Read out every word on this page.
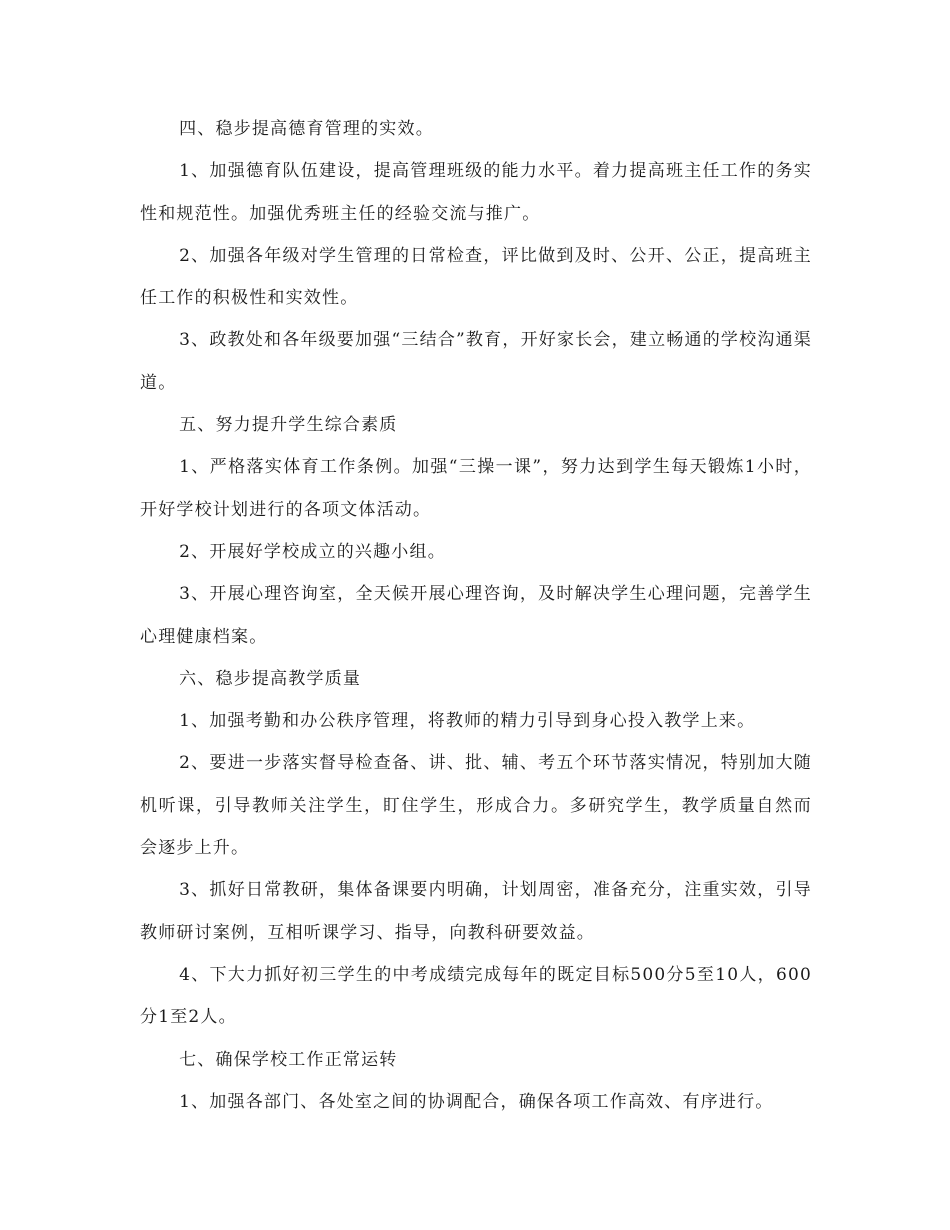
四、稳步提高德育管理的实效。

1、加强德育队伍建设，提高管理班级的能力水平。着力提高班主任工作的务实性和规范性。加强优秀班主任的经验交流与推广。

2、加强各年级对学生管理的日常检查，评比做到及时、公开、公正，提高班主任工作的积极性和实效性。

3、政教处和各年级要加强“三结合”教育，开好家长会，建立畅通的学校沟通渠道。

五、努力提升学生综合素质

1、严格落实体育工作条例。加强“三操一课”，努力达到学生每天锻炼1小时，开好学校计划进行的各项文体活动。

2、开展好学校成立的兴趣小组。

3、开展心理咨询室，全天候开展心理咨询，及时解决学生心理问题，完善学生心理健康档案。

六、稳步提高教学质量

1、加强考勤和办公秩序管理，将教师的精力引导到身心投入教学上来。

2、要进一步落实督导检查备、讲、批、辅、考五个环节落实情况，特别加大随机听课，引导教师关注学生，盯住学生，形成合力。多研究学生，教学质量自然而会逐步上升。

3、抓好日常教研，集体备课要内明确，计划周密，准备充分，注重实效，引导教师研讨案例，互相听课学习、指导，向教科研要效益。

4、下大力抓好初三学生的中考成绩完成每年的既定目标500分5至10人，600分1至2人。

七、确保学校工作正常运转

1、加强各部门、各处室之间的协调配合，确保各项工作高效、有序进行。
